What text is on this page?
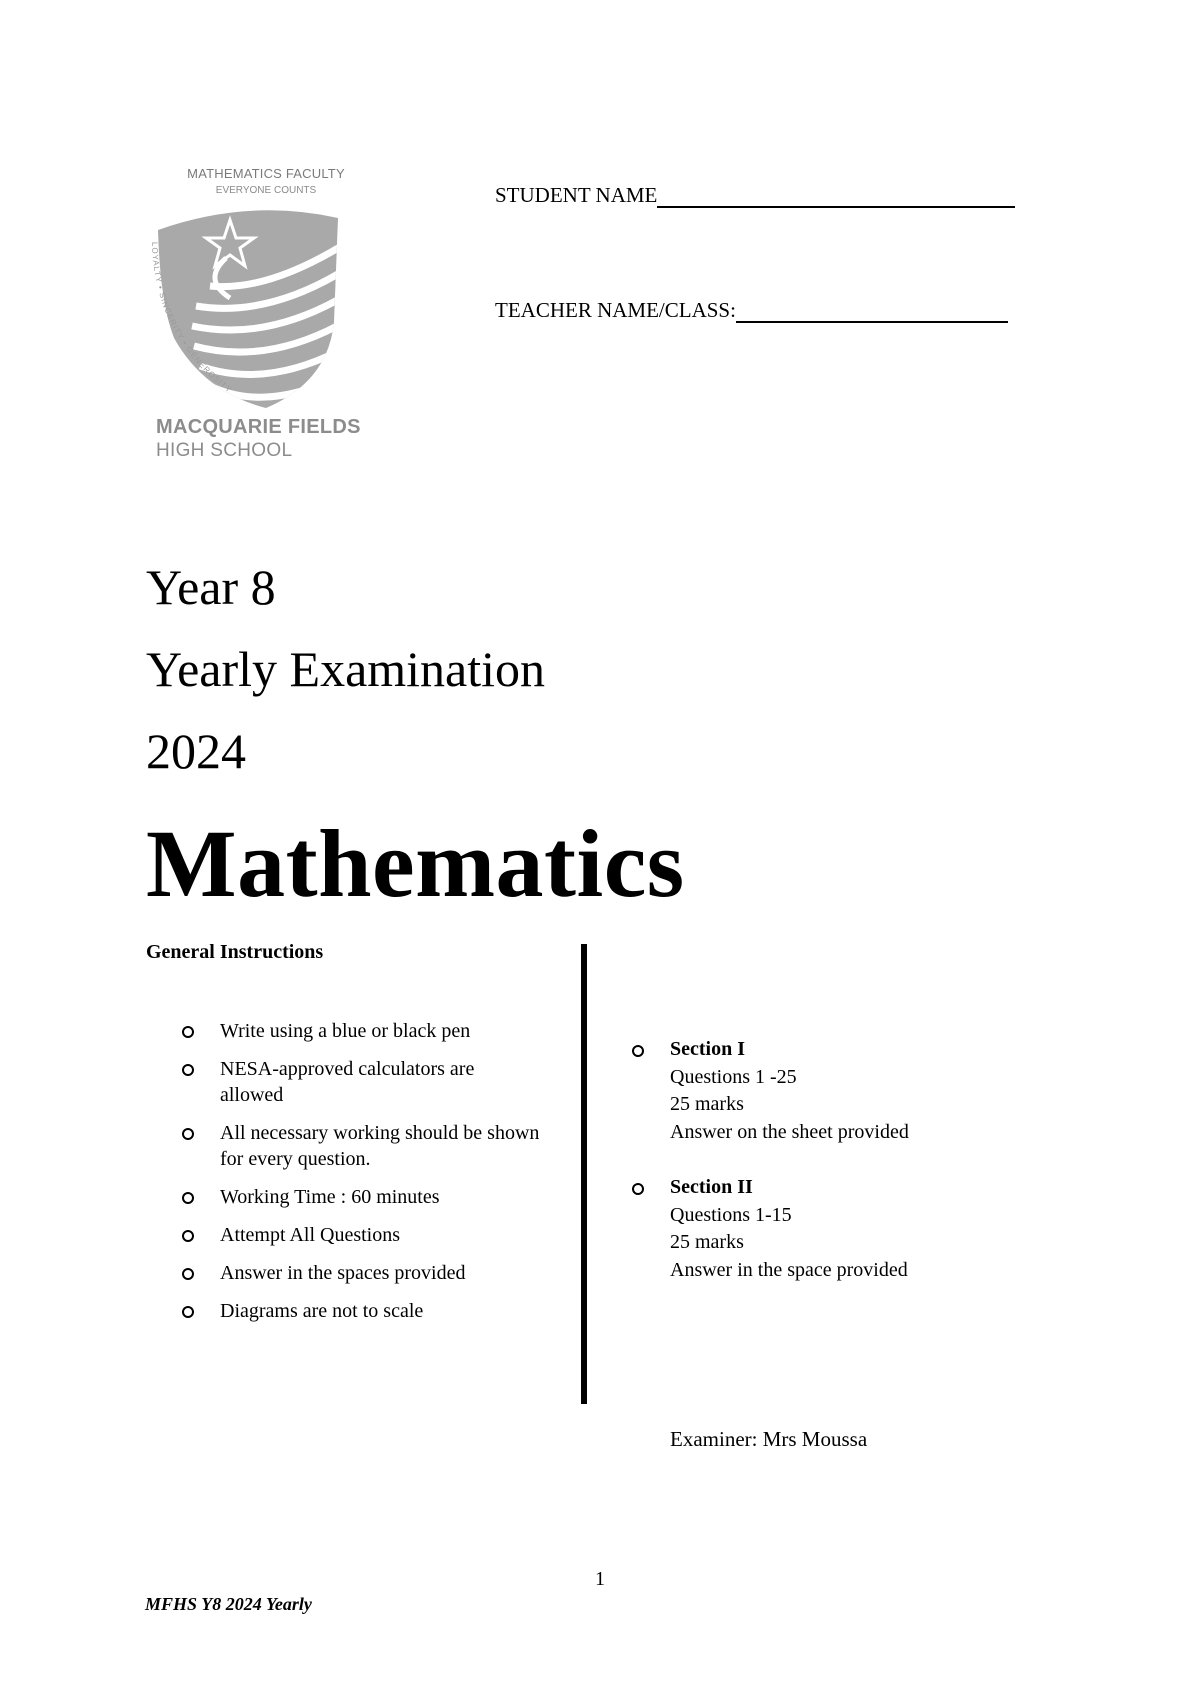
MATHEMATICS FACULTY
EVERYONE COUNTS
LOYALTY • SINCERITY • GENEROSITY
MACQUARIE FIELDS
HIGH SCHOOL
STUDENT NAME
TEACHER NAME/CLASS:
Year 8
Yearly Examination
2024
Mathematics
General Instructions
Write using a blue or black pen
NESA-approved calculators are allowed
All necessary working should be shown for every question.
Working Time : 60 minutes
Attempt All Questions
Answer in the spaces provided
Diagrams are not to scale
Section I
Questions 1 -25
25 marks
Answer on the sheet provided
Section II
Questions 1-15
25 marks
Answer in the space provided
Examiner: Mrs Moussa
1
MFHS Y8 2024 Yearly
